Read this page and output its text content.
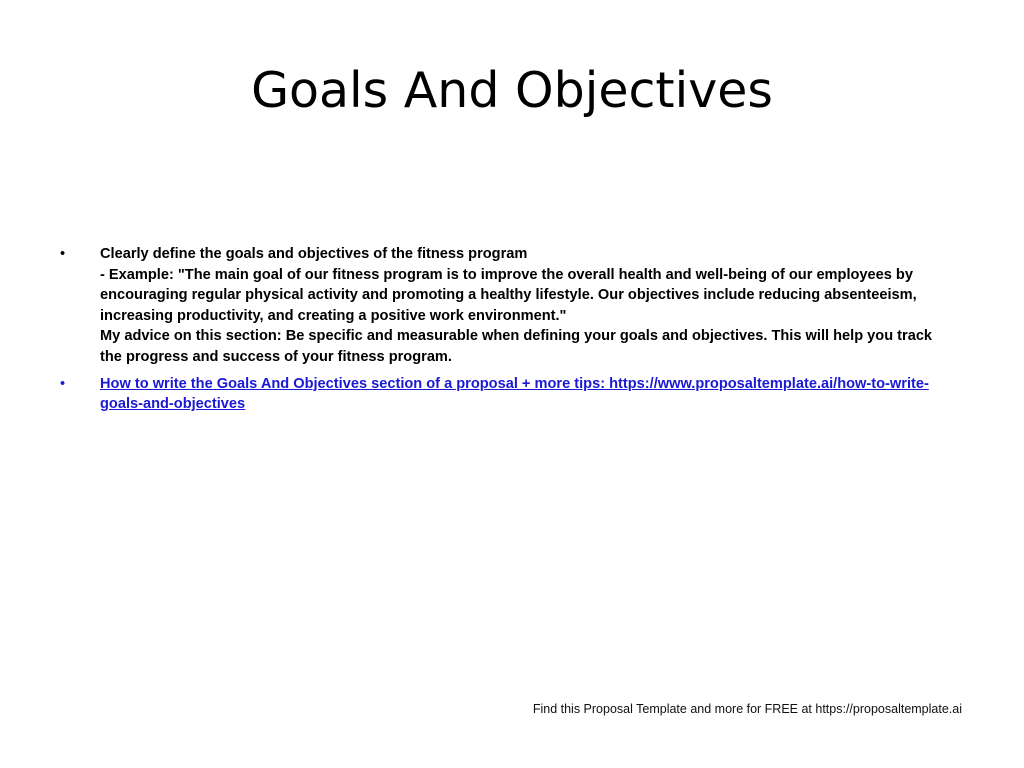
Goals And Objectives
•	Clearly define the goals and objectives of the fitness program
- Example: "The main goal of our fitness program is to improve the overall health and well-being of our employees by encouraging regular physical activity and promoting a healthy lifestyle. Our objectives include reducing absenteeism, increasing productivity, and creating a positive work environment."
My advice on this section: Be specific and measurable when defining your goals and objectives. This will help you track the progress and success of your fitness program.
•	How to write the Goals And Objectives section of a proposal + more tips: https://www.proposaltemplate.ai/how-to-write-goals-and-objectives
Find this Proposal Template and more for FREE at https://proposaltemplate.ai
